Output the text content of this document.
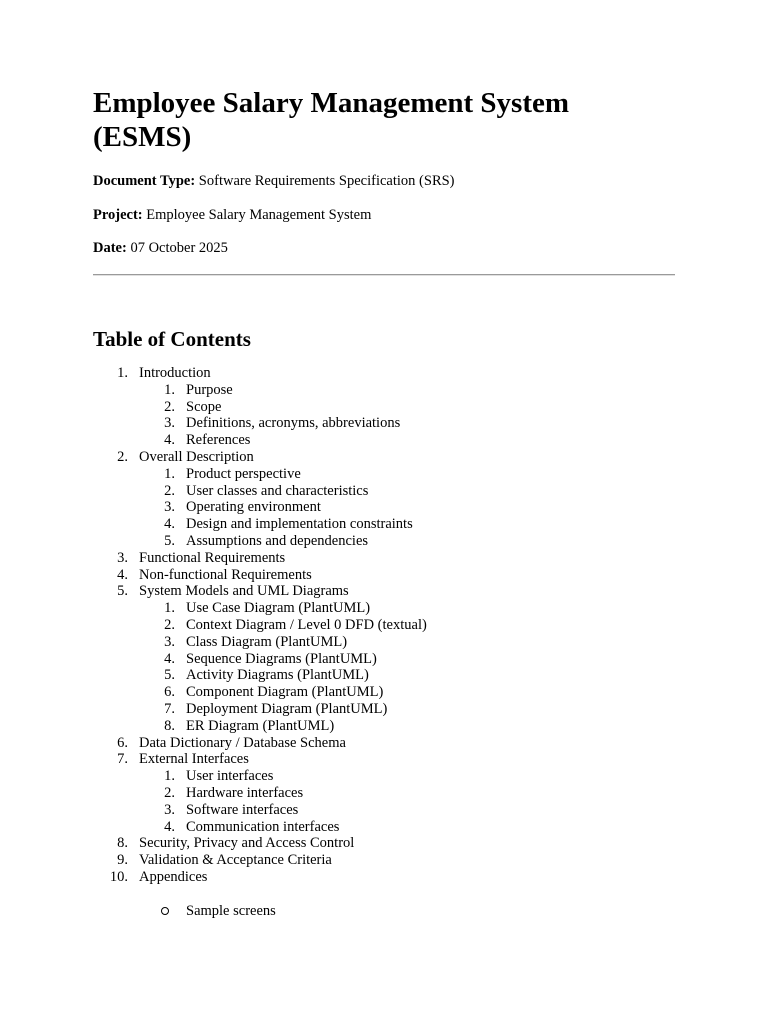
Employee Salary Management System
(ESMS)

Document Type: Software Requirements Specification (SRS)

Project: Employee Salary Management System

Date: 07 October 2025

Table of Contents
1. Introduction
1. Purpose
2. Scope
3. Definitions, acronyms, abbreviations
4. References
2. Overall Description
1. Product perspective
2. User classes and characteristics
3. Operating environment
4. Design and implementation constraints
5. Assumptions and dependencies
3. Functional Requirements
4. Non-functional Requirements
5. System Models and UML Diagrams
1. Use Case Diagram (PlantUML)
2. Context Diagram / Level 0 DFD (textual)
3. Class Diagram (PlantUML)
4. Sequence Diagrams (PlantUML)
5. Activity Diagrams (PlantUML)
6. Component Diagram (PlantUML)
7. Deployment Diagram (PlantUML)
8. ER Diagram (PlantUML)
6. Data Dictionary / Database Schema
7. External Interfaces
1. User interfaces
2. Hardware interfaces
3. Software interfaces
4. Communication interfaces
8. Security, Privacy and Access Control
9. Validation & Acceptance Criteria
10. Appendices
Sample screens
